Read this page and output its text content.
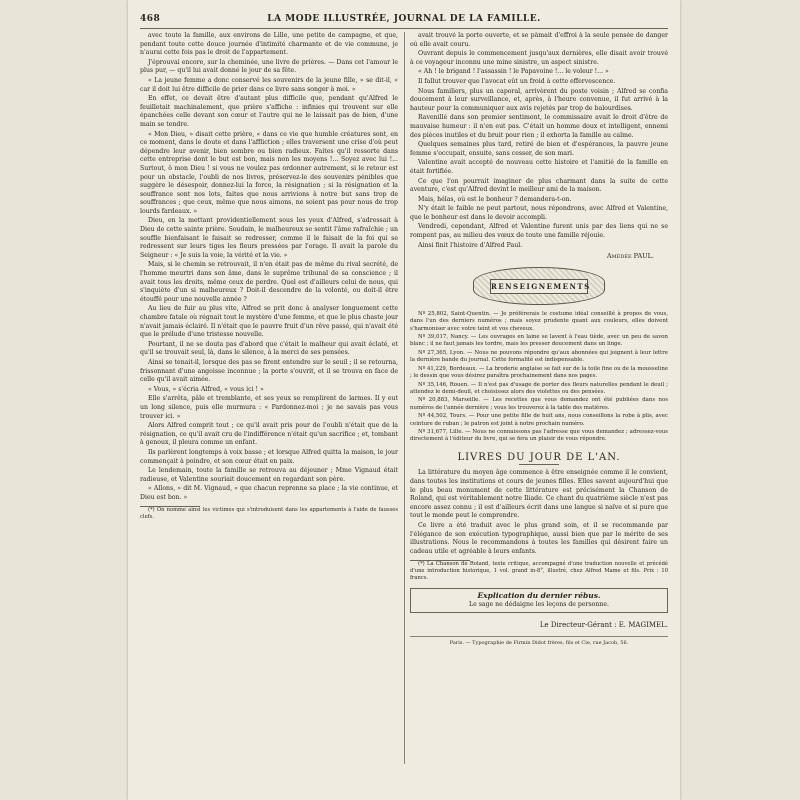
468	LA MODE ILLUSTRÉE, JOURNAL DE LA FAMILLE.

avec toute la famille, aux environs de Lille, une petite de campagne, et que, pendant toute cette douce journée d'intimité charmante et de vie commune, je n'aurai cette fois pas le droit de l'appartement.

J'éprouvai encore, sur la cheminée, une livre de prières. — Dans cet l'amour le plus pur, — qu'il lui avait donné le jour de sa fête.

« La jeune femme a donc conservé les souvenirs de la jeune fille, » se dit-il, « car il doit lui être difficile de prier dans ce livre sans songer à moi. »

En effet, ce devait être d'autant plus difficile que, pendant qu'Alfred le feuilletait machinalement, que prière s'affiche : infinies qui trouvent sur elle épanchées celle devant son cœur et l'autre qui ne le laissait pas de bien, d'une main se tendre.

« Mon Dieu, » disait cette prière, « dans ce vie que humble créatures sont, en ce moment, dans le doute et dans l'affliction ; elles traversent une crise d'où peut dépendre leur avenir, bien sombre ou bien radieux. Faites qu'il ressorte dans cette entreprise dont le but est bon, mais non les moyens !... Soyez avec lui !... Surtout, ô mon Dieu ! si vous ne voulez pas ordonner autrement, si le retour est pour un obstacle, l'oubli de nos livres, préservez-le des souvenirs pénibles que suggère le désespoir, donnez-lui la force, la résignation ; si la résignation et la souffrance sont nos lots, faites que nous arrivions à notre but sans trop de souffrances ; que ceux, même que nous aimons, ne soient pas pour nous de trop lourds fardeaux. »

Dieu, en la mettant providentiellement sous les yeux d'Alfred, s'adressait à Dieu de cette sainte prière. Soudain, le malheureux se sentit l'âme rafraîchie ; un souffle bienfaisant le faisait se redresser, comme il le faisait de la foi qui se redressent sur leurs tiges les fleurs pressées par l'orage. Il avait la parole du Seigneur : « Je suis la voie, la vérité et la vie. »

Mais, si le chemin se retrouvait, il n'en était pas de même du rival secrété, de l'homme meurtri dans son âme, dans le suprême tribunal de sa conscience ; il avait tous les droits, même ceux de perdre. Quel est d'ailleurs celui de nous, qui s'inquiète d'un si malheureux ? Doit-il descendre de la volonté, ou doit-il être étouffé pour une nouvelle année ?

Au lieu de fuir au plus vite, Alfred se prit donc à analyser longuement cette chambre fatale où régnait tout le mystère d'une femme, et que le plus chaste jour n'avait jamais éclairé. Il n'était que le pauvre fruit d'un rêve passé, qui n'avait été que le prélude d'une tristesse nouvelle.

Pourtant, il ne se douta pas d'abord que c'était le malheur qui avait éclaté, et qu'il se trouvait seul, là, dans le silence, à la merci de ses pensées.

Ainsi se tenait-il, lorsque des pas se firent entendre sur le seuil ; il se retourna, frissonnant d'une angoisse inconnue ; la porte s'ouvrit, et il se trouva en face de celle qu'il avait aimée.

« Vous, » s'écria Alfred, « vous ici ! »

Elle s'arrêta, pâle et tremblante, et ses yeux se remplirent de larmes. Il y eut un long silence, puis elle murmura : « Pardonnez-moi ; je ne savais pas vous trouver ici. »

Alors Alfred comprit tout ; ce qu'il avait pris pour de l'oubli n'était que de la résignation, ce qu'il avait cru de l'indifférence n'était qu'un sacrifice ; et, tombant à genoux, il pleura comme un enfant.

Ils parlèrent longtemps à voix basse ; et lorsque Alfred quitta la maison, le jour commençait à poindre, et son cœur était en paix.

Le lendemain, toute la famille se retrouva au déjeuner ; Mme Vignaud était radieuse, et Valentine souriait doucement en regardant son père.

« Allons, » dit M. Vignaud, « que chacun reprenne sa place ; la vie continue, et Dieu est bon. »

(*) On nomme ainsi les victimes qui s'introduisent dans les appartements à l'aide de fausses clefs.

avait trouvé la porte ouverte, et se pâmait d'effroi à la seule pensée de danger où elle avait couru.

Ouvrant depuis le commencement jusqu'aux dernières, elle disait avoir trouvé à ce voyageur inconnu une mine sinistre, un aspect sinistre.

« Ah ! le brigand ! l'assassin ! le Papavoine !... le voleur !... »

Il fallut trouver que l'avocat eût un froid à cette effervescence.

Nous familiers, plus un caporal, arrivèrent du poste voisin ; Alfred se confia doucement à leur surveillance, et, après, à l'heure convenue, il fut arrivé à la hauteur pour la communiquer aux avis rejetés par trop de balourdises.

Ravenillé dans son premier sentiment, le commissaire avait le droit d'être de mauvaise humeur : il n'en eut pas. C'était un homme doux et intelligent, ennemi des pièces inutiles et du bruit pour rien ; il exhorta la famille au calme.

Quelques semaines plus tard, retiré de bien et d'espérances, la pauvre jeune femme s'occupait, ensuite, sans cesser, de son mari.

Valentine avait accepté de nouveau cette histoire et l'amitié de la famille en était fortifiée.

Ce que l'on pourrait imaginer de plus charmant dans la suite de cette aventure, c'est qu'Alfred devint le meilleur ami de la maison.

Mais, hélas, où est le bonheur ? demandera-t-on.

N'y était le faible ne peut partout, nous répondrons, avec Alfred et Valentine, que le bonheur est dans le devoir accompli.

Vendredi, cependant, Alfred et Valentine furent unis par des liens qui ne se rompent pas, au milieu des vœux de toute une famille réjouie.

Ainsi finit l'histoire d'Alfred Paul.

Amédée PAUL.
RENSEIGNEMENTS

Nº 25,802, Saint-Quentin. — Je préférerais le costume idéal conseillé à propos de vous, dans l'un des derniers numéros ; mais soyez prudente quant aux couleurs, elles doivent s'harmoniser avec votre teint et vos cheveux.

Nº 39,017, Nancy. — Les ouvrages en laine se lavent à l'eau tiède, avec un peu de savon blanc ; il ne faut jamais les tordre, mais les presser doucement dans un linge.

Nº 27,365, Lyon. — Nous ne pouvons répondre qu'aux abonnées qui joignent à leur lettre la dernière bande du journal. Cette formalité est indispensable.

Nº 41,229, Bordeaux. — La broderie anglaise se fait sur de la toile fine ou de la mousseline ; le dessin que vous désirez paraîtra prochainement dans nos pages.

Nº 35,146, Rouen. — Il n'est pas d'usage de porter des fleurs naturelles pendant le deuil ; attendez le demi-deuil, et choisissez alors des violettes ou des pensées.

Nº 20,883, Marseille. — Les recettes que vous demandez ont été publiées dans nos numéros de l'année dernière ; vous les trouverez à la table des matières.

Nº 44,502, Tours. — Pour une petite fille de huit ans, nous conseillons la robe à plis, avec ceinture de ruban ; le patron est joint à notre prochain numéro.

Nº 31,677, Lille. — Nous ne connaissons pas l'adresse que vous demandez ; adressez-vous directement à l'éditeur du livre, qui se fera un plaisir de vous répondre.

LIVRES DU JOUR DE L'AN.

La littérature du moyen âge commence à être enseignée comme il le convient, dans toutes les institutions et cours de jeunes filles. Elles savent aujourd'hui que le plus beau monument de cette littérature est précisément la Chanson de Roland, qui est véritablement notre Iliade. Ce chant du quatrième siècle n'est pas encore assez connu ; il est d'ailleurs écrit dans une langue si naïve et si pure que tout le monde peut le comprendre.

Ce livre a été traduit avec le plus grand soin, et il se recommande par l'élégance de son exécution typographique, aussi bien que par le mérite de ses illustrations. Nous le recommandons à toutes les familles qui désirent faire un cadeau utile et agréable à leurs enfants.

(*) La Chanson de Roland, texte critique, accompagné d'une traduction nouvelle et précédé d'une introduction historique, 1 vol. grand in-8°, illustré, chez Alfred Mame et fils. Prix : 10 francs.

Explication du dernier rébus.
Le sage ne dédaigne les leçons de personne.
Le Directeur-Gérant : E. MAGIMEL.
Paris. — Typographie de Firmin Didot frères, fils et Cie, rue Jacob, 56.
